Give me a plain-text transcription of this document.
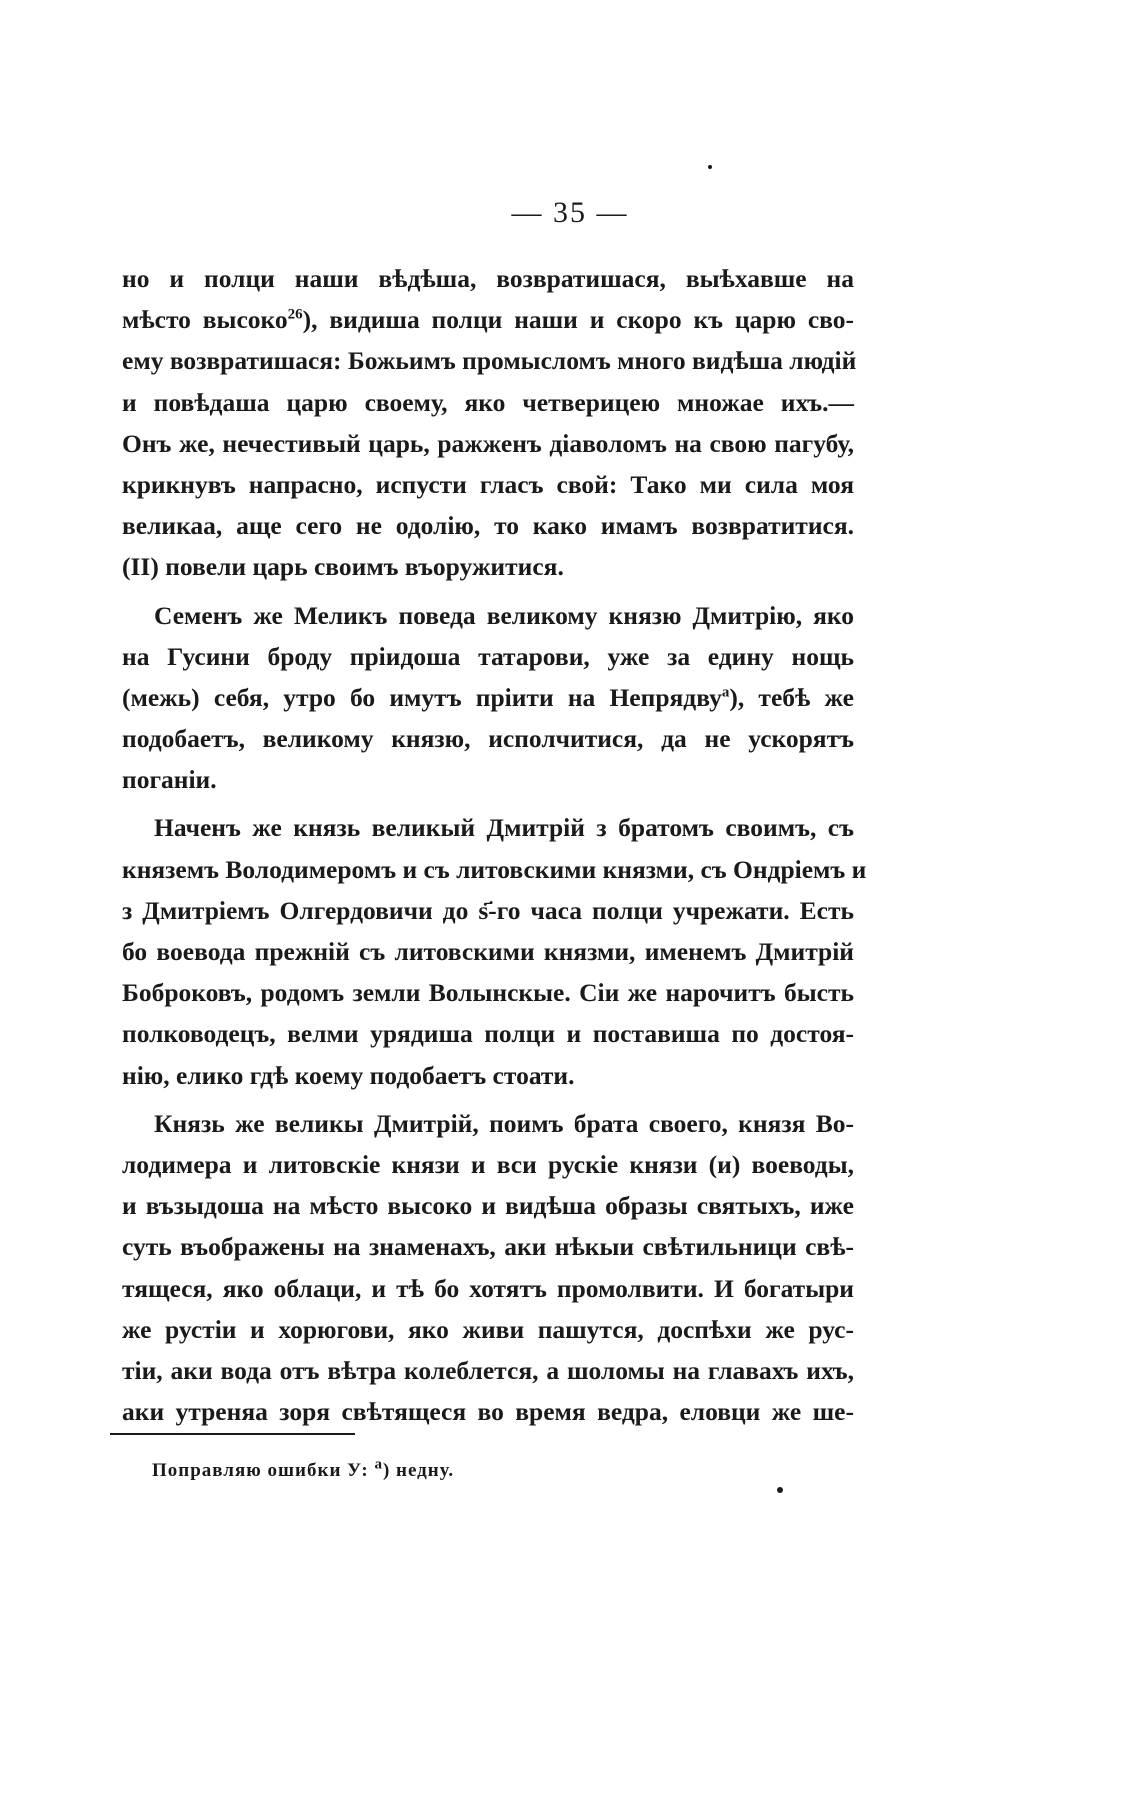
— 35 —
но и полци наши вѣдѣша, возвратишася, выѣхавше на
мѣсто высоко$^{26}$), видиша полци наши и скоро къ царю сво-
ему возвратишася: Божьимъ промысломъ много видѣша людій
и повѣдаша царю своему, яко четверицею множае ихъ.—
Онъ же, нечестивый царь, ражженъ діаволомъ на свою пагубу,
крикнувъ напрасно, испусти гласъ свой: Тако ми сила моя
великаа, аще сего не одолію, то како имамъ возвратитися.
(II) повели царь своимъ въоружитися.
Семенъ же Меликъ поведа великому князю Дмитрію, яко
на Гусини броду пріидоша татарови, уже за едину нощь
(межь) себя, утро бо имутъ пріити на Непрядву$^а$), тебѣ же
подобаетъ, великому князю, исполчитися, да не ускорятъ
поганіи.
Наченъ же князь великый Дмитрій з братомъ своимъ, съ
княземъ Володимеромъ и съ литовскими князми, съ Ондріемъ и
з Дмитріемъ Олгердовичи до ѕ҃-го часа полци учрежати. Есть
бо воевода прежній съ литовскими князми, именемъ Дмитрій
Боброковъ, родомъ земли Волынскые. Сіи же нарочитъ бысть
полководецъ, велми урядиша полци и поставиша по достоя-
нію, елико гдѣ коему подобаетъ стоати.
Князь же великы Дмитрій, поимъ брата своего, князя Во-
лодимера и литовскіе князи и вси рускіе князи (и) воеводы,
и възыдоша на мѣсто высоко и видѣша образы святыхъ, иже
суть въображены на знаменахъ, аки нѣкыи свѣтильници свѣ-
тящеся, яко облаци, и тѣ бо хотятъ промолвити. И богатыри
же рустіи и хорюгови, яко живи пашутся, доспѣхи же рус-
тіи, аки вода отъ вѣтра колеблется, а шоломы на главахъ ихъ,
аки утреняа зоря свѣтящеся во время ведра, еловци же ше-
Поправляю ошибки У: $^а$) недну.
